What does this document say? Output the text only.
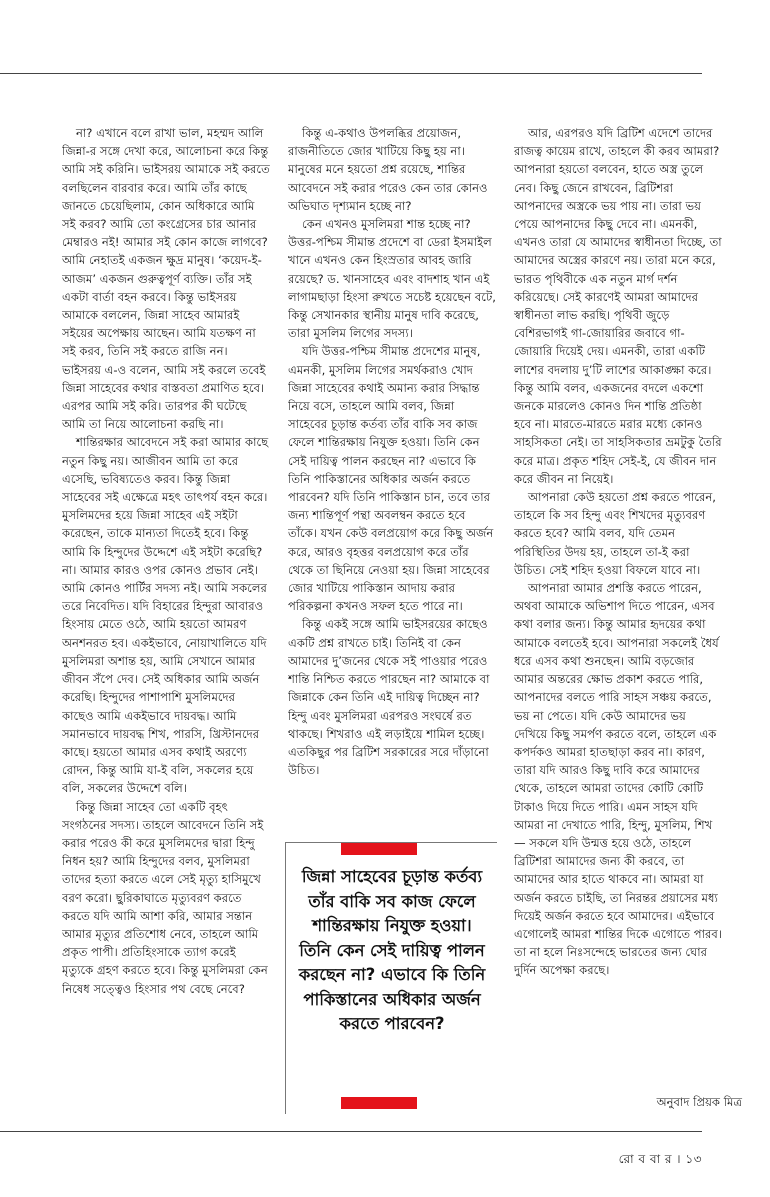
না? এখানে বলে রাখা ভাল, মহম্মদ আলি জিন্না-র সঙ্গে দেখা করে, আলোচনা করে কিন্তু আমি সই করিনি। ভাইসরয় আমাকে সই করতে বলছিলেন বারবার করে। আমি তাঁর কাছে জানতে চেয়েছিলাম, কোন অধিকারে আমি সই করব? আমি তো কংগ্রেসের চার আনার মেম্বারও নই! আমার সই কোন কাজে লাগবে? আমি নেহাতই একজন ক্ষুদ্র মানুষ। ‘কয়েদ-ই-আজম’ একজন গুরুত্বপূর্ণ ব্যক্তি। তাঁর সই একটা বার্তা বহন করবে। কিন্তু ভাইসরয় আমাকে বললেন, জিন্না সাহেব আমারই সইয়ের অপেক্ষায় আছেন। আমি যতক্ষণ না সই করব, তিনি সই করতে রাজি নন। ভাইসরয় এ-ও বলেন, আমি সই করলে তবেই জিন্না সাহেবের কথার বাস্তবতা প্রমাণিত হবে। এরপর আমি সই করি। তারপর কী ঘটেছে আমি তা নিয়ে আলোচনা করছি না।

শান্তিরক্ষার আবেদনে সই করা আমার কাছে নতুন কিছু নয়। আজীবন আমি তা করে এসেছি, ভবিষ্যতেও করব। কিন্তু জিন্না সাহেবের সই এক্ষেত্রে মহৎ তাৎপর্য বহন করে। মুসলিমদের হয়ে জিন্না সাহেব এই সইটা করেছেন, তাকে মান্যতা দিতেই হবে। কিন্তু আমি কি হিন্দুদের উদ্দেশে এই সইটা করেছি? না। আমার কারও ওপর কোনও প্রভাব নেই। আমি কোনও পার্টির সদস্য নই। আমি সকলের তরে নিবেদিত। যদি বিহারের হিন্দুরা আবারও হিংসায় মেতে ওঠে, আমি হয়তো আমরণ অনশনরত হব। একইভাবে, নোয়াখালিতে যদি মুসলিমরা অশান্ত হয়, আমি সেখানে আমার জীবন সঁপে দেব। সেই অধিকার আমি অর্জন করেছি। হিন্দুদের পাশাপাশি মুসলিমদের কাছেও আমি একইভাবে দায়বদ্ধ। আমি সমানভাবে দায়বদ্ধ শিখ, পারসি, খ্রিস্টানদের কাছে। হয়তো আমার এসব কথাই অরণ্যে রোদন, কিন্তু আমি যা-ই বলি, সকলের হয়ে বলি, সকলের উদ্দেশে বলি।

কিন্তু জিন্না সাহেব তো একটি বৃহৎ সংগঠনের সদস্য। তাহলে আবেদনে তিনি সই করার পরেও কী করে মুসলিমদের দ্বারা হিন্দু নিধন হয়? আমি হিন্দুদের বলব, মুসলিমরা তাদের হত্যা করতে এলে সেই মৃত্যু হাসিমুখে বরণ করো। ছুরিকাঘাতে মৃত্যুবরণ করতে করতে যদি আমি আশা করি, আমার সন্তান আমার মৃত্যুর প্রতিশোধ নেবে, তাহলে আমি প্রকৃত পাপী। প্রতিহিংসাকে ত্যাগ করেই মৃত্যুকে গ্রহণ করতে হবে। কিন্তু মুসলিমরা কেন নিষেধ সত্ত্বেও হিংসার পথ বেছে নেবে?

কিন্তু এ-কথাও উপলব্ধির প্রয়োজন, রাজনীতিতে জোর খাটিয়ে কিছু হয় না। মানুষের মনে হয়তো প্রশ্ন রয়েছে, শান্তির আবেদনে সই করার পরেও কেন তার কোনও অভিঘাত দৃশ্যমান হচ্ছে না?

কেন এখনও মুসলিমরা শান্ত হচ্ছে না? উত্তর-পশ্চিম সীমান্ত প্রদেশে বা ডেরা ইসমাইল খানে এখনও কেন হিংস্রতার আবহ জারি রয়েছে? ড. খানসাহেব এবং বাদশাহ খান এই লাগামছাড়া হিংসা রুখতে সচেষ্ট হয়েছেন বটে, কিন্তু সেখানকার স্থানীয় মানুষ দাবি করেছে, তারা মুসলিম লিগের সদস্য।

যদি উত্তর-পশ্চিম সীমান্ত প্রদেশের মানুষ, এমনকী, মুসলিম লিগের সমর্থকরাও খোদ জিন্না সাহেবের কথাই অমান্য করার সিদ্ধান্ত নিয়ে বসে, তাহলে আমি বলব, জিন্না সাহেবের চূড়ান্ত কর্তব্য তাঁর বাকি সব কাজ ফেলে শান্তিরক্ষায় নিযুক্ত হওয়া। তিনি কেন সেই দায়িত্ব পালন করছেন না? এভাবে কি তিনি পাকিস্তানের অধিকার অর্জন করতে পারবেন? যদি তিনি পাকিস্তান চান, তবে তার জন্য শান্তিপূর্ণ পন্থা অবলম্বন করতে হবে তাঁকে। যখন কেউ বলপ্রয়োগ করে কিছু অর্জন করে, আরও বৃহত্তর বলপ্রয়োগ করে তাঁর থেকে তা ছিনিয়ে নেওয়া হয়। জিন্না সাহেবের জোর খাটিয়ে পাকিস্তান আদায় করার পরিকল্পনা কখনও সফল হতে পারে না।

কিন্তু একই সঙ্গে আমি ভাইসরয়ের কাছেও একটি প্রশ্ন রাখতে চাই। তিনিই বা কেন আমাদের দু’জনের থেকে সই পাওয়ার পরেও শান্তি নিশ্চিত করতে পারছেন না? আমাকে বা জিন্নাকে কেন তিনি এই দায়িত্ব দিচ্ছেন না? হিন্দু এবং মুসলিমরা এরপরও সংঘর্ষে রত থাকছে। শিখরাও এই লড়াইয়ে শামিল হচ্ছে। এতকিছুর পর ব্রিটিশ সরকারের সরে দাঁড়ানো উচিত।

জিন্না সাহেবের চূড়ান্ত কর্তব্য তাঁর বাকি সব কাজ ফেলে শান্তিরক্ষায় নিযুক্ত হওয়া। তিনি কেন সেই দায়িত্ব পালন করছেন না? এভাবে কি তিনি পাকিস্তানের অধিকার অর্জন করতে পারবেন?

আর, এরপরও যদি ব্রিটিশ এদেশে তাদের রাজত্ব কায়েম রাখে, তাহলে কী করব আমরা? আপনারা হয়তো বলবেন, হাতে অস্ত্র তুলে নেব। কিছু জেনে রাখবেন, ব্রিটিশরা আপনাদের অস্ত্রকে ভয় পায় না। তারা ভয় পেয়ে আপনাদের কিছু দেবে না। এমনকী, এখনও তারা যে আমাদের স্বাধীনতা দিচ্ছে, তা আমাদের অস্ত্রের কারণে নয়। তারা মনে করে, ভারত পৃথিবীকে এক নতুন মার্গ দর্শন করিয়েছে। সেই কারণেই আমরা আমাদের স্বাধীনতা লাভ করছি। পৃথিবী জুড়ে বেশিরভাগই গা-জোয়ারির জবাবে গা-জোয়ারি দিয়েই দেয়। এমনকী, তারা একটি লাশের বদলায় দু’টি লাশের আকাঙ্ক্ষা করে। কিন্তু আমি বলব, একজনের বদলে একশো জনকে মারলেও কোনও দিন শান্তি প্রতিষ্ঠা হবে না। মারতে-মারতে মরার মধ্যে কোনও সাহসিকতা নেই। তা সাহসিকতার ভ্রমটুকু তৈরি করে মাত্র। প্রকৃত শহিদ সেই-ই, যে জীবন দান করে জীবন না নিয়েই।

আপনারা কেউ হয়তো প্রশ্ন করতে পারেন, তাহলে কি সব হিন্দু এবং শিখদের মৃত্যুবরণ করতে হবে? আমি বলব, যদি তেমন পরিস্থিতির উদয় হয়, তাহলে তা-ই করা উচিত। সেই শহিদ হওয়া বিফলে যাবে না।

আপনারা আমার প্রশস্তি করতে পারেন, অথবা আমাকে অভিশাপ দিতে পারেন, এসব কথা বলার জন্য। কিন্তু আমার হৃদয়ের কথা আমাকে বলতেই হবে। আপনারা সকলেই ধৈর্য ধরে এসব কথা শুনছেন। আমি বড়জোর আমার অন্তরের ক্ষোভ প্রকাশ করতে পারি, আপনাদের বলতে পারি সাহস সঞ্চয় করতে, ভয় না পেতে। যদি কেউ আমাদের ভয় দেখিয়ে কিছু সমর্পণ করতে বলে, তাহলে এক কপর্দকও আমরা হাতছাড়া করব না। কারণ, তারা যদি আরও কিছু দাবি করে আমাদের থেকে, তাহলে আমরা তাদের কোটি কোটি টাকাও দিয়ে দিতে পারি। এমন সাহস যদি আমরা না দেখাতে পারি, হিন্দু, মুসলিম, শিখ— সকলে যদি উন্মত্ত হয়ে ওঠে, তাহলে ব্রিটিশরা আমাদের জন্য কী করবে, তা আমাদের আর হাতে থাকবে না। আমরা যা অর্জন করতে চাইছি, তা নিরন্তর প্রয়াসের মধ্য দিয়েই অর্জন করতে হবে আমাদের। এইভাবে এগোলেই আমরা শান্তির দিকে এগোতে পারব। তা না হলে নিঃসন্দেহে ভারতের জন্য ঘোর দুর্দিন অপেক্ষা করছে।

অনুবাদ প্রিয়ক মিত্র
রো ব বা র । ১৩
